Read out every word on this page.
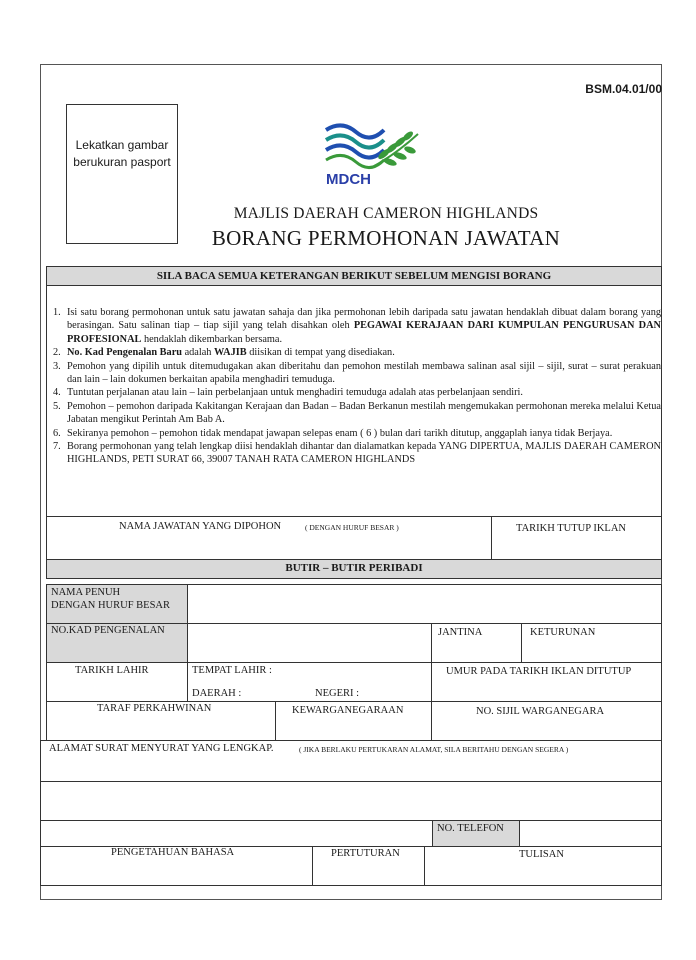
BSM.04.01/00
Lekatkan gambar
berukuran pasport
MDCH
MAJLIS DAERAH CAMERON HIGHLANDS
BORANG PERMOHONAN JAWATAN
SILA BACA SEMUA KETERANGAN BERIKUT SEBELUM MENGISI BORANG
1. Isi satu borang permohonan untuk satu jawatan sahaja dan jika permohonan lebih daripada satu jawatan hendaklah dibuat dalam borang yang berasingan. Satu salinan tiap – tiap sijil yang telah disahkan oleh PEGAWAI KERAJAAN DARI KUMPULAN PENGURUSAN DAN PROFESIONAL hendaklah dikembarkan bersama.
2. No. Kad Pengenalan Baru adalah WAJIB diisikan di tempat yang disediakan.
3. Pemohon yang dipilih untuk ditemudugakan akan diberitahu dan pemohon mestilah membawa salinan asal sijil – sijil, surat – surat perakuan dan lain – lain dokumen berkaitan apabila menghadiri temuduga.
4. Tuntutan perjalanan atau lain – lain perbelanjaan untuk menghadiri temuduga adalah atas perbelanjaan sendiri.
5. Pemohon – pemohon daripada Kakitangan Kerajaan dan Badan – Badan Berkanun mestilah mengemukakan permohonan mereka melalui Ketua Jabatan mengikut Perintah Am Bab A.
6. Sekiranya pemohon – pemohon tidak mendapat jawapan selepas enam ( 6 ) bulan dari tarikh ditutup, anggaplah ianya tidak Berjaya.
7. Borang permohonan yang telah lengkap diisi hendaklah dihantar dan dialamatkan kepada YANG DIPERTUA, MAJLIS DAERAH CAMERON HIGHLANDS, PETI SURAT 66, 39007 TANAH RATA CAMERON HIGHLANDS
NAMA JAWATAN YANG DIPOHON	( DENGAN HURUF BESAR )	TARIKH TUTUP IKLAN
BUTIR – BUTIR PERIBADI
NAMA PENUH
DENGAN HURUF BESAR
NO.KAD PENGENALAN	JANTINA	KETURUNAN
TARIKH LAHIR	TEMPAT LAHIR :
DAERAH :	NEGERI :
UMUR PADA TARIKH IKLAN DITUTUP
TARAF PERKAHWINAN	KEWARGANEGARAAN	NO. SIJIL WARGANEGARA
ALAMAT SURAT MENYURAT YANG LENGKAP.	( JIKA BERLAKU PERTUKARAN ALAMAT, SILA BERITAHU DENGAN SEGERA )
NO. TELEFON
PENGETAHUAN BAHASA	PERTUTURAN	TULISAN
